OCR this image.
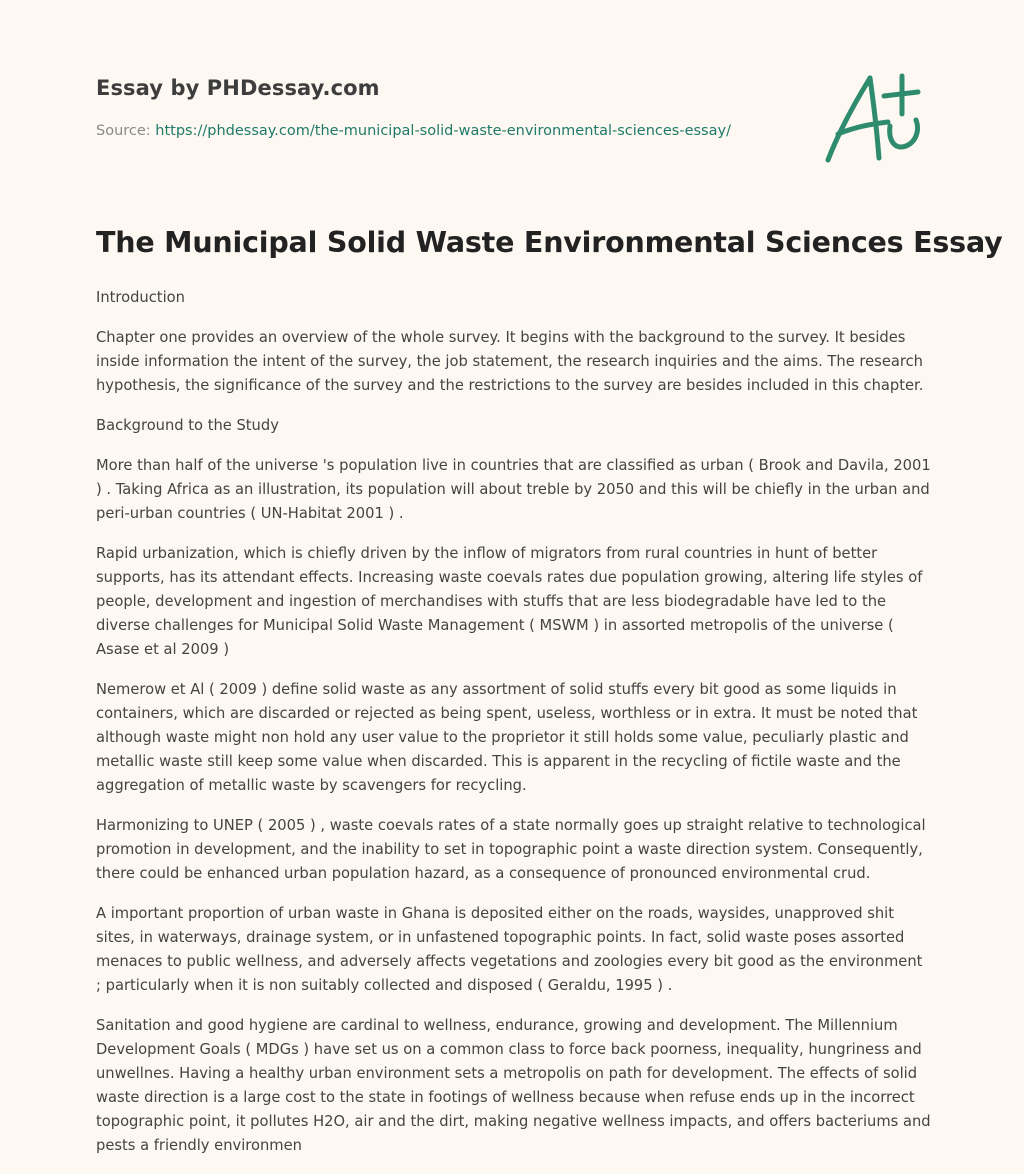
Essay by PHDessay.com
Source: https://phdessay.com/the-municipal-solid-waste-environmental-sciences-essay/
The Municipal Solid Waste Environmental Sciences Essay

Introduction

Chapter one provides an overview of the whole survey. It begins with the background to the survey. It besides inside information the intent of the survey, the job statement, the research inquiries and the aims. The research hypothesis, the significance of the survey and the restrictions to the survey are besides included in this chapter.

Background to the Study

More than half of the universe 's population live in countries that are classified as urban ( Brook and Davila, 2001 ) . Taking Africa as an illustration, its population will about treble by 2050 and this will be chiefly in the urban and peri-urban countries ( UN-Habitat 2001 ) .

Rapid urbanization, which is chiefly driven by the inflow of migrators from rural countries in hunt of better supports, has its attendant effects. Increasing waste coevals rates due population growing, altering life styles of people, development and ingestion of merchandises with stuffs that are less biodegradable have led to the diverse challenges for Municipal Solid Waste Management ( MSWM ) in assorted metropolis of the universe ( Asase et al 2009 )

Nemerow et Al ( 2009 ) define solid waste as any assortment of solid stuffs every bit good as some liquids in containers, which are discarded or rejected as being spent, useless, worthless or in extra. It must be noted that although waste might non hold any user value to the proprietor it still holds some value, peculiarly plastic and metallic waste still keep some value when discarded. This is apparent in the recycling of fictile waste and the aggregation of metallic waste by scavengers for recycling.

Harmonizing to UNEP ( 2005 ) , waste coevals rates of a state normally goes up straight relative to technological promotion in development, and the inability to set in topographic point a waste direction system. Consequently, there could be enhanced urban population hazard, as a consequence of pronounced environmental crud.

A important proportion of urban waste in Ghana is deposited either on the roads, waysides, unapproved shit sites, in waterways, drainage system, or in unfastened topographic points. In fact, solid waste poses assorted menaces to public wellness, and adversely affects vegetations and zoologies every bit good as the environment ; particularly when it is non suitably collected and disposed ( Geraldu, 1995 ) .

Sanitation and good hygiene are cardinal to wellness, endurance, growing and development. The Millennium Development Goals ( MDGs ) have set us on a common class to force back poorness, inequality, hungriness and unwellnes. Having a healthy urban environment sets a metropolis on path for development. The effects of solid waste direction is a large cost to the state in footings of wellness because when refuse ends up in the incorrect topographic point, it pollutes H2O, air and the dirt, making negative wellness impacts, and offers bacteriums and pests a friendly environmen
